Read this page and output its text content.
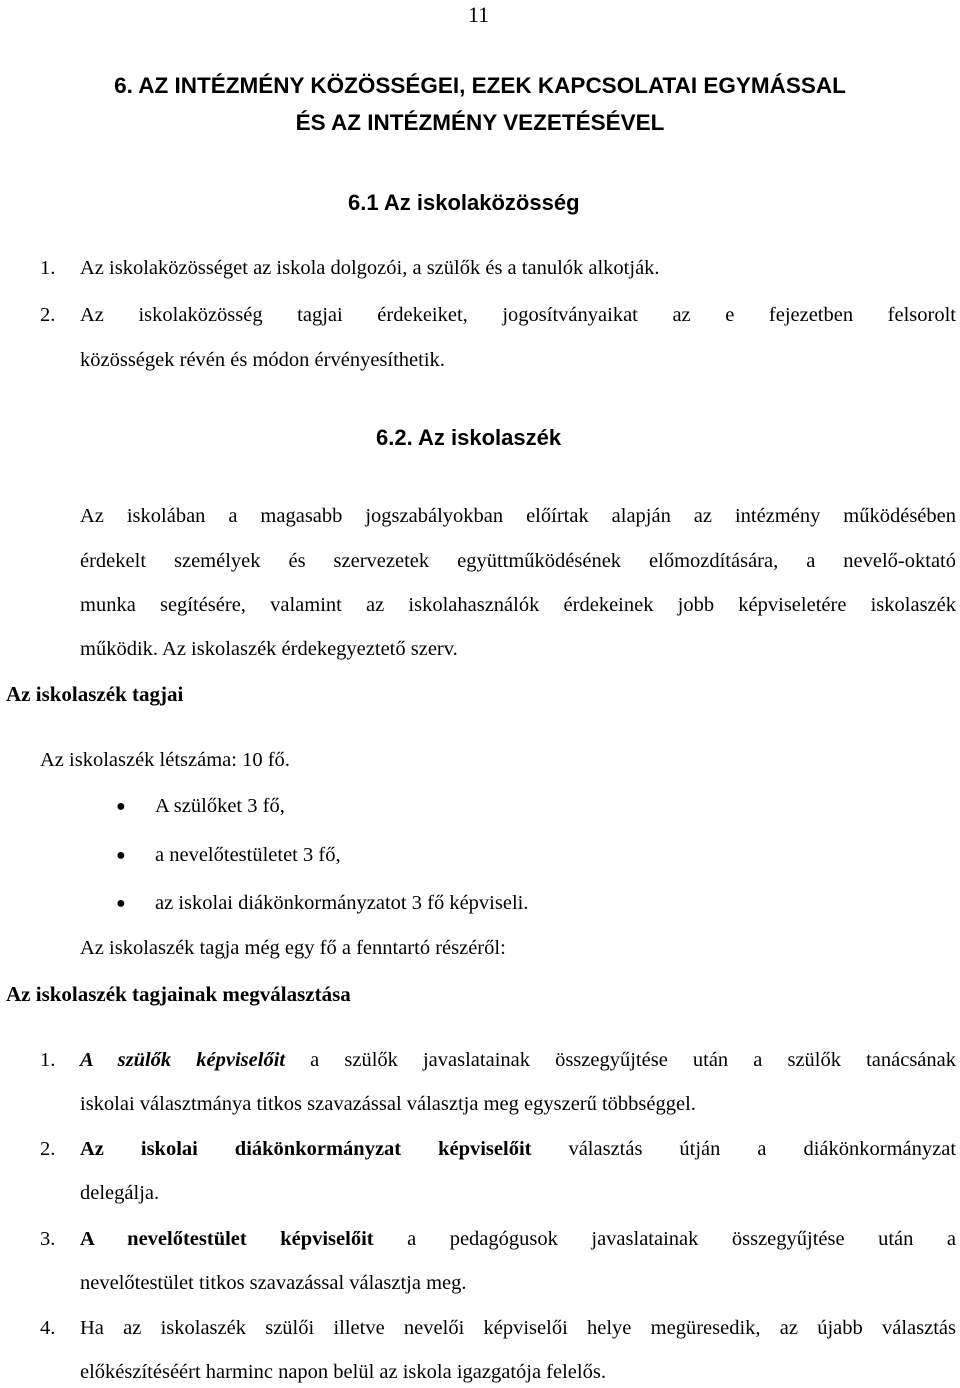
11
6. AZ INTÉZMÉNY KÖZÖSSÉGEI, EZEK KAPCSOLATAI EGYMÁSSAL
ÉS AZ INTÉZMÉNY VEZETÉSÉVEL
6.1 Az iskolaközösség
1. Az iskolaközösséget az iskola dolgozói, a szülők és a tanulók alkotják.
2. Az iskolaközösség tagjai érdekeiket, jogosítványaikat az e fejezetben felsorolt
közösségek révén és módon érvényesíthetik.
6.2. Az iskolaszék
Az iskolában a magasabb jogszabályokban előírtak alapján az intézmény működésében
érdekelt személyek és szervezetek együttműködésének előmozdítására, a nevelő-oktató
munka segítésére, valamint az iskolahasználók érdekeinek jobb képviseletére iskolaszék
működik. Az iskolaszék érdekegyeztető szerv.
Az iskolaszék tagjai
Az iskolaszék létszáma: 10 fő.
● A szülőket 3 fő,
● a nevelőtestületet 3 fő,
● az iskolai diákönkormányzatot 3 fő képviseli.
Az iskolaszék tagja még egy fő a fenntartó részéről:
Az iskolaszék tagjainak megválasztása
1. A szülők képviselőit a szülők javaslatainak összegyűjtése után a szülők tanácsának
iskolai választmánya titkos szavazással választja meg egyszerű többséggel.
2. Az iskolai diákönkormányzat képviselőit választás útján a diákönkormányzat
delegálja.
3. A nevelőtestület képviselőit a pedagógusok javaslatainak összegyűjtése után a
nevelőtestület titkos szavazással választja meg.
4. Ha az iskolaszék szülői illetve nevelői képviselői helye megüresedik, az újabb választás
előkészítéséért harminc napon belül az iskola igazgatója felelős.
